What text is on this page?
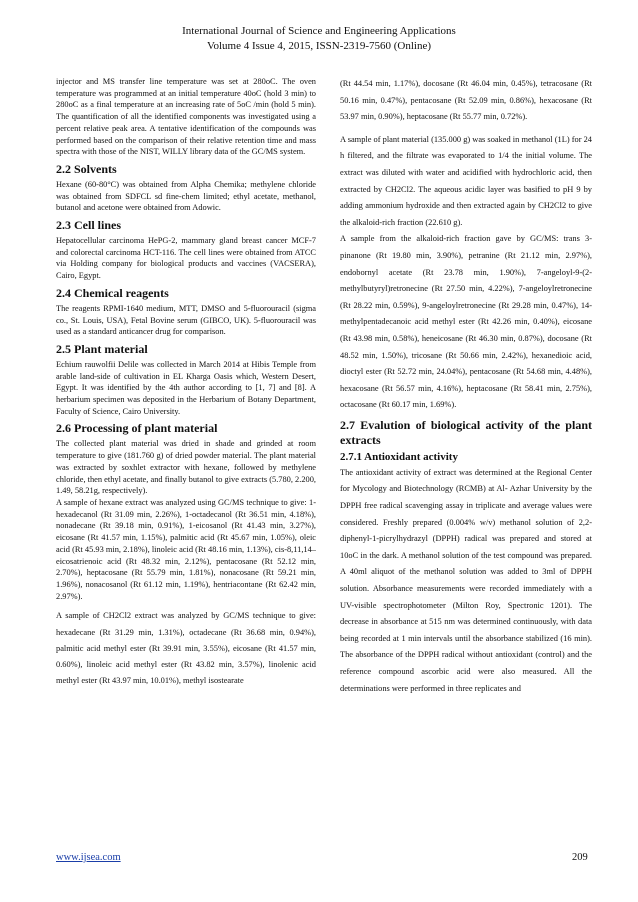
International Journal of Science and Engineering Applications
Volume 4 Issue 4, 2015, ISSN-2319-7560 (Online)

injector and MS transfer line temperature was set at 280oC. The oven temperature was programmed at an initial temperature 40oC (hold 3 min) to 280oC as a final temperature at an increasing rate of 5oC /min (hold 5 min). The quantification of all the identified components was investigated using a percent relative peak area. A tentative identification of the compounds was performed based on the comparison of their relative retention time and mass spectra with those of the NIST, WILLY library data of the GC/MS system.

2.2 Solvents

Hexane (60-80°C) was obtained from Alpha Chemika; methylene chloride was obtained from SDFCL sd fine-chem limited; ethyl acetate, methanol, butanol and acetone were obtained from Adowic.

2.3 Cell lines

Hepatocellular carcinoma HePG-2, mammary gland breast cancer MCF-7 and colorectal carcinoma HCT-116. The cell lines were obtained from ATCC via Holding company for biological products and vaccines (VACSERA), Cairo, Egypt.

2.4 Chemical reagents

The reagents RPMI-1640 medium, MTT, DMSO and 5-fluorouracil (sigma co., St. Louis, USA), Fetal Bovine serum (GIBCO, UK). 5-fluorouracil was used as a standard anticancer drug for comparison.

2.5 Plant material

Echium rauwolfii Delile was collected in March 2014 at Hibis Temple from arable land-side of cultivation in EL Kharga Oasis which, Western Desert, Egypt. It was identified by the 4th author according to [1, 7] and [8]. A herbarium specimen was deposited in the Herbarium of Botany Department, Faculty of Science, Cairo University.

2.6 Processing of plant material

The collected plant material was dried in shade and grinded at room temperature to give (181.760 g) of dried powder material. The plant material was extracted by soxhlet extractor with hexane, followed by methylene chloride, then ethyl acetate, and finally butanol to give extracts (5.780, 2.200, 1.49, 58.21g, respectively).

A sample of hexane extract was analyzed using GC/MS technique to give: 1-hexadecanol (Rt 31.09 min, 2.26%), 1-octadecanol (Rt 36.51 min, 4.18%), nonadecane (Rt 39.18 min, 0.91%), 1-eicosanol (Rt 41.43 min, 3.27%), eicosane (Rt 41.57 min, 1.15%), palmitic acid (Rt 45.67 min, 1.05%), oleic acid (Rt 45.93 min, 2.18%), linoleic acid (Rt 48.16 min, 1.13%), cis-8,11,14–eicosatrienoic acid (Rt 48.32 min, 2.12%), pentacosane (Rt 52.12 min, 2.70%), heptacosane (Rt 55.79 min, 1.81%), nonacosane (Rt 59.21 min, 1.96%), nonacosanol (Rt 61.12 min, 1.19%), hentriacontane (Rt 62.42 min, 2.97%).

A sample of CH2Cl2 extract was analyzed by GC/MS technique to give: hexadecane (Rt 31.29 min, 1.31%), octadecane (Rt 36.68 min, 0.94%), palmitic acid methyl ester (Rt 39.91 min, 3.55%), eicosane (Rt 41.57 min, 0.60%), linoleic acid methyl ester (Rt 43.82 min, 3.57%), linolenic acid methyl ester (Rt 43.97 min, 10.01%), methyl isostearate

(Rt 44.54 min, 1.17%), docosane (Rt 46.04 min, 0.45%), tetracosane (Rt 50.16 min, 0.47%), pentacosane (Rt 52.09 min, 0.86%), hexacosane (Rt 53.97 min, 0.90%), heptacosane (Rt 55.77 min, 0.72%).

A sample of plant material (135.000 g) was soaked in methanol (1L) for 24 h filtered, and the filtrate was evaporated to 1/4 the initial volume. The extract was diluted with water and acidified with hydrochloric acid, then extracted by CH2Cl2. The aqueous acidic layer was basified to pH 9 by adding ammonium hydroxide and then extracted again by CH2Cl2 to give the alkaloid-rich fraction (22.610 g).

A sample from the alkaloid-rich fraction gave by GC/MS: trans 3-pinanone (Rt 19.80 min, 3.90%), petranine (Rt 21.12 min, 2.97%), endobornyl acetate (Rt 23.78 min, 1.90%), 7-angeloyl-9-(2-methylbutyryl)retronecine (Rt 27.50 min, 4.22%), 7-angeloylretronecine (Rt 28.22 min, 0.59%), 9-angeloylretronecine (Rt 29.28 min, 0.47%), 14-methylpentadecanoic acid methyl ester (Rt 42.26 min, 0.40%), eicosane (Rt 43.98 min, 0.58%), heneicosane (Rt 46.30 min, 0.87%), docosane (Rt 48.52 min, 1.50%), tricosane (Rt 50.66 min, 2.42%), hexanedioic acid, dioctyl ester (Rt 52.72 min, 24.04%), pentacosane (Rt 54.68 min, 4.48%), hexacosane (Rt 56.57 min, 4.16%), heptacosane (Rt 58.41 min, 2.75%), octacosane (Rt 60.17 min, 1.69%).

2.7 Evalution of biological activity of the plant extracts
2.7.1 Antioxidant activity

The antioxidant activity of extract was determined at the Regional Center for Mycology and Biotechnology (RCMB) at Al- Azhar University by the DPPH free radical scavenging assay in triplicate and average values were considered. Freshly prepared (0.004% w/v) methanol solution of 2,2-diphenyl-1-picrylhydrazyl (DPPH) radical was prepared and stored at 10oC in the dark. A methanol solution of the test compound was prepared. A 40ml aliquot of the methanol solution was added to 3ml of DPPH solution. Absorbance measurements were recorded immediately with a UV-visible spectrophotometer (Milton Roy, Spectronic 1201). The decrease in absorbance at 515 nm was determined continuously, with data being recorded at 1 min intervals until the absorbance stabilized (16 min). The absorbance of the DPPH radical without antioxidant (control) and the reference compound ascorbic acid were also measured. All the determinations were performed in three replicates and

www.ijsea.com	209
